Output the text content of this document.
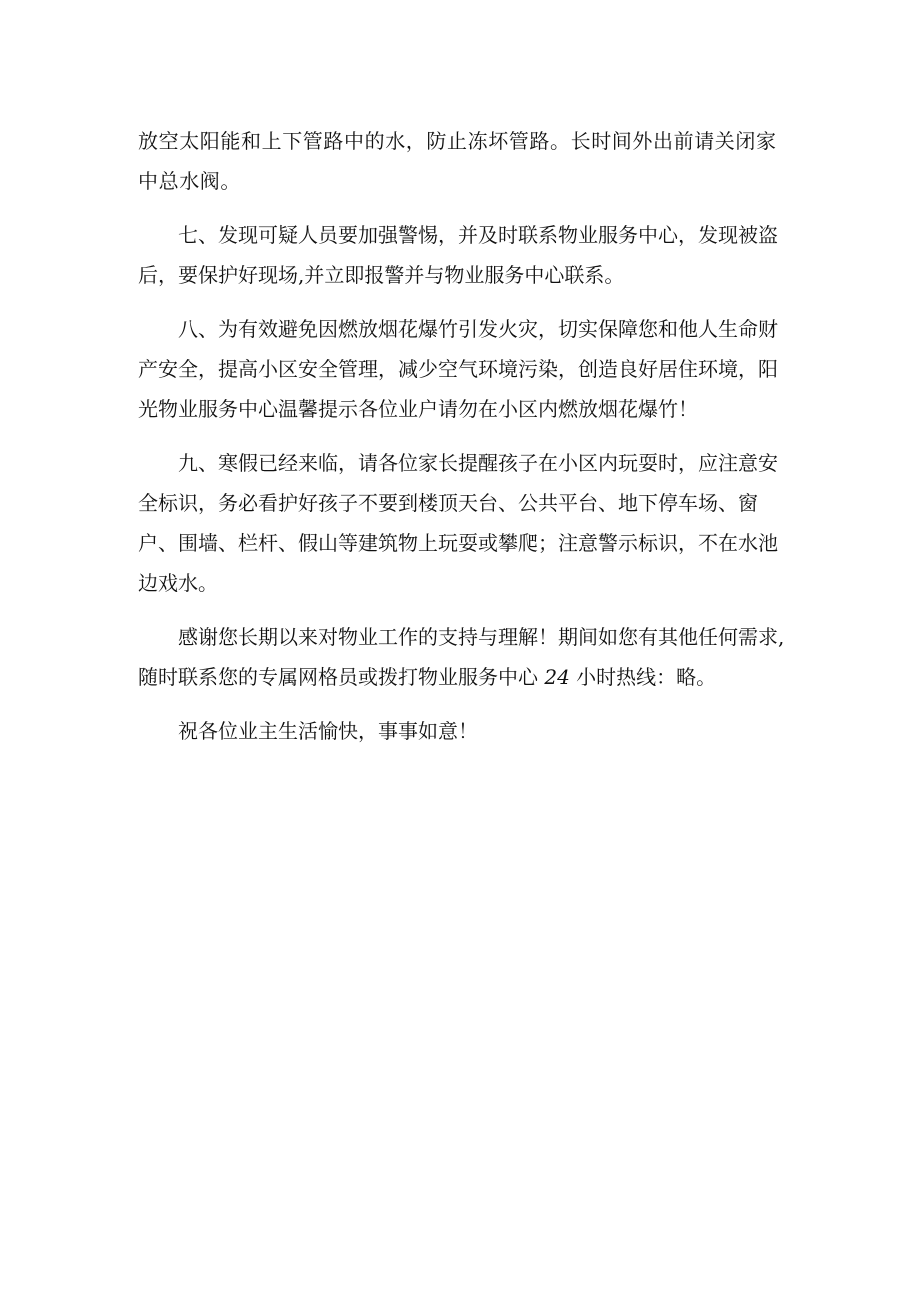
放空太阳能和上下管路中的水，防止冻坏管路。长时间外出前请关闭家中总水阀。

七、发现可疑人员要加强警惕，并及时联系物业服务中心，发现被盗后，要保护好现场,并立即报警并与物业服务中心联系。

八、为有效避免因燃放烟花爆竹引发火灾，切实保障您和他人生命财产安全，提高小区安全管理，减少空气环境污染，创造良好居住环境，阳光物业服务中心温馨提示各位业户请勿在小区内燃放烟花爆竹！

九、寒假已经来临，请各位家长提醒孩子在小区内玩耍时，应注意安全标识，务必看护好孩子不要到楼顶天台、公共平台、地下停车场、窗户、围墙、栏杆、假山等建筑物上玩耍或攀爬；注意警示标识，不在水池边戏水。

感谢您长期以来对物业工作的支持与理解！期间如您有其他任何需求,随时联系您的专属网格员或拨打物业服务中心 24 小时热线：略。

祝各位业主生活愉快，事事如意！
